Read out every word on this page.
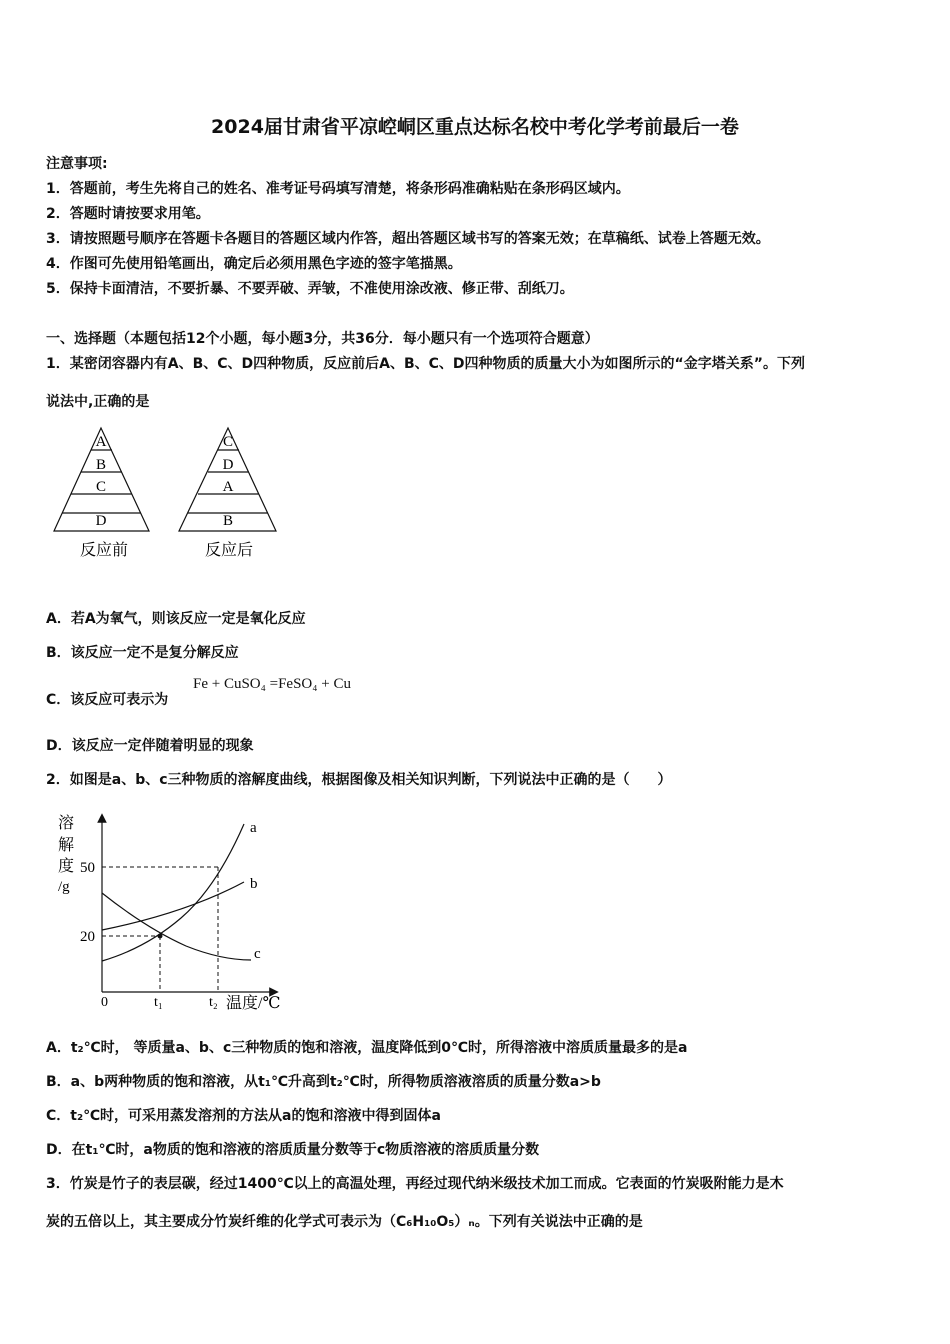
2024届甘肃省平凉崆峒区重点达标名校中考化学考前最后一卷
注意事项:
1．答题前，考生先将自己的姓名、准考证号码填写清楚，将条形码准确粘贴在条形码区域内。
2．答题时请按要求用笔。
3．请按照题号顺序在答题卡各题目的答题区域内作答，超出答题区域书写的答案无效；在草稿纸、试卷上答题无效。
4．作图可先使用铅笔画出，确定后必须用黑色字迹的签字笔描黑。
5．保持卡面清洁，不要折暴、不要弄破、弄皱，不准使用涂改液、修正带、刮纸刀。
一、选择题（本题包括12个小题，每小题3分，共36分．每小题只有一个选项符合题意）
1．某密闭容器内有A、B、C、D四种物质，反应前后A、B、C、D四种物质的质量大小为如图所示的“金字塔关系”。下列
说法中,正确的是
A
B
C
D
反应前
C
D
A
B
反应后
A．若A为氧气，则该反应一定是氧化反应
B．该反应一定不是复分解反应
C．该反应可表示为
Fe + CuSO₄ =FeSO₄ + Cu
D．该反应一定伴随着明显的现象
2．如图是a、b、c三种物质的溶解度曲线，根据图像及相关知识判断，下列说法中正确的是（　　）
溶
解
度
/g
50
20
0	t₁	t₂ 温度/℃
a
b
c
A．t₂℃时， 等质量a、b、c三种物质的饱和溶液，温度降低到0℃时，所得溶液中溶质质量最多的是a
B．a、b两种物质的饱和溶液，从t₁℃升高到t₂℃时，所得物质溶液溶质的质量分数a>b
C．t₂℃时，可采用蒸发溶剂的方法从a的饱和溶液中得到固体a
D．在t₁℃时，a物质的饱和溶液的溶质质量分数等于c物质溶液的溶质质量分数
3．竹炭是竹子的表层碳，经过1400℃以上的高温处理，再经过现代纳米级技术加工而成。它表面的竹炭吸附能力是木
炭的五倍以上，其主要成分竹炭纤维的化学式可表示为（C₆H₁₀O₅）ₙ。下列有关说法中正确的是
